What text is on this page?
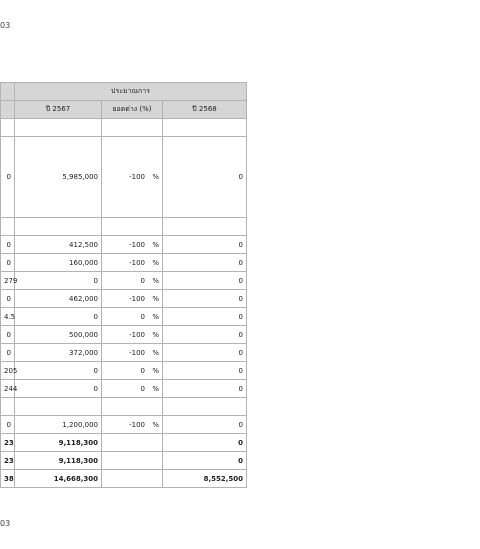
03
	ประมาณการ		
	ปี 2567	ยอดต่าง (%)	ปี 2568

0	5,985,000	-100 %	0

0	412,500	-100 %	0
0	160,000	-100 %	0
279	0	0 %	0
0	462,000	-100 %	0
4.5	0	0 %	0
0	500,000	-100 %	0
0	372,000	-100 %	0
205	0	0 %	0
244	0	0 %	0

0	1,200,000	-100 %	0
23	9,118,300		0
23	9,118,300		0
38	14,668,300		8,552,500
03
